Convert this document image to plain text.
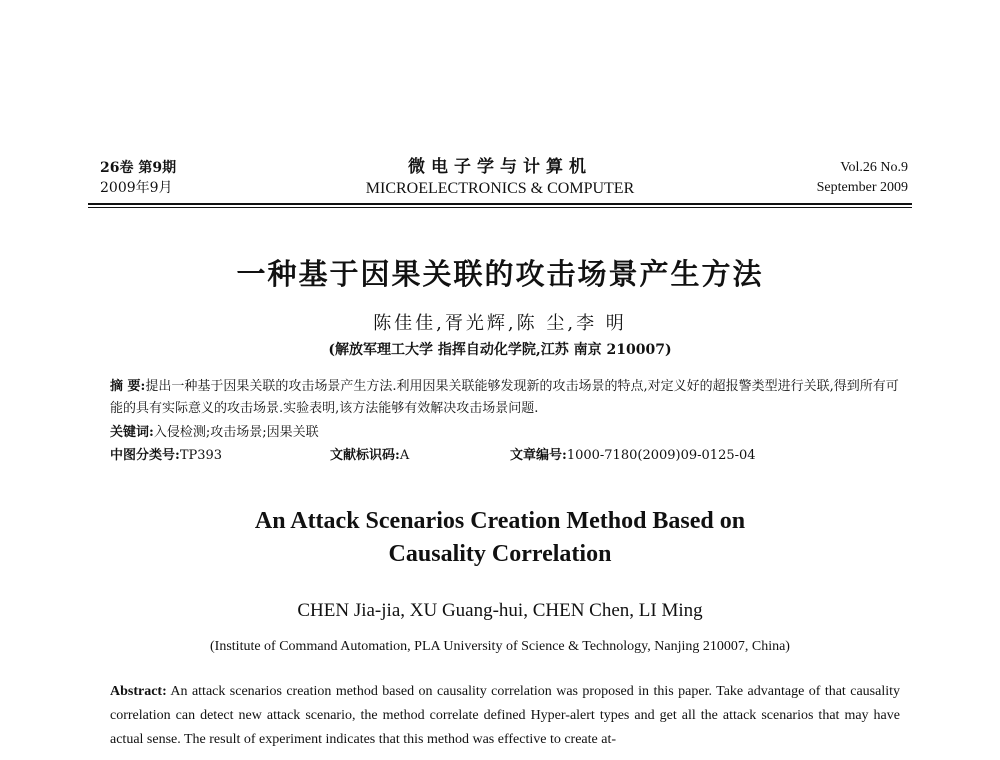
26卷 第9期
2009年9月
微电子学与计算机
MICROELECTRONICS & COMPUTER
Vol.26 No.9
September 2009
一种基于因果关联的攻击场景产生方法
陈佳佳,胥光辉,陈 尘,李 明
(解放军理工大学 指挥自动化学院,江苏 南京 210007)
摘 要:提出一种基于因果关联的攻击场景产生方法.利用因果关联能够发现新的攻击场景的特点,对定义好的超报警类型进行关联,得到所有可能的具有实际意义的攻击场景.实验表明,该方法能够有效解决攻击场景问题.
关键词:入侵检测;攻击场景;因果关联
中图分类号:TP393	文献标识码:A	文章编号:1000-7180(2009)09-0125-04
An Attack Scenarios Creation Method Based on
Causality Correlation
CHEN Jia-jia, XU Guang-hui, CHEN Chen, LI Ming
(Institute of Command Automation, PLA University of Science & Technology, Nanjing 210007, China)
Abstract: An attack scenarios creation method based on causality correlation was proposed in this paper. Take advantage of that causality correlation can detect new attack scenario, the method correlate defined Hyper-alert types and get all the attack scenarios that may have actual sense. The result of experiment indicates that this method was effective to create at-
